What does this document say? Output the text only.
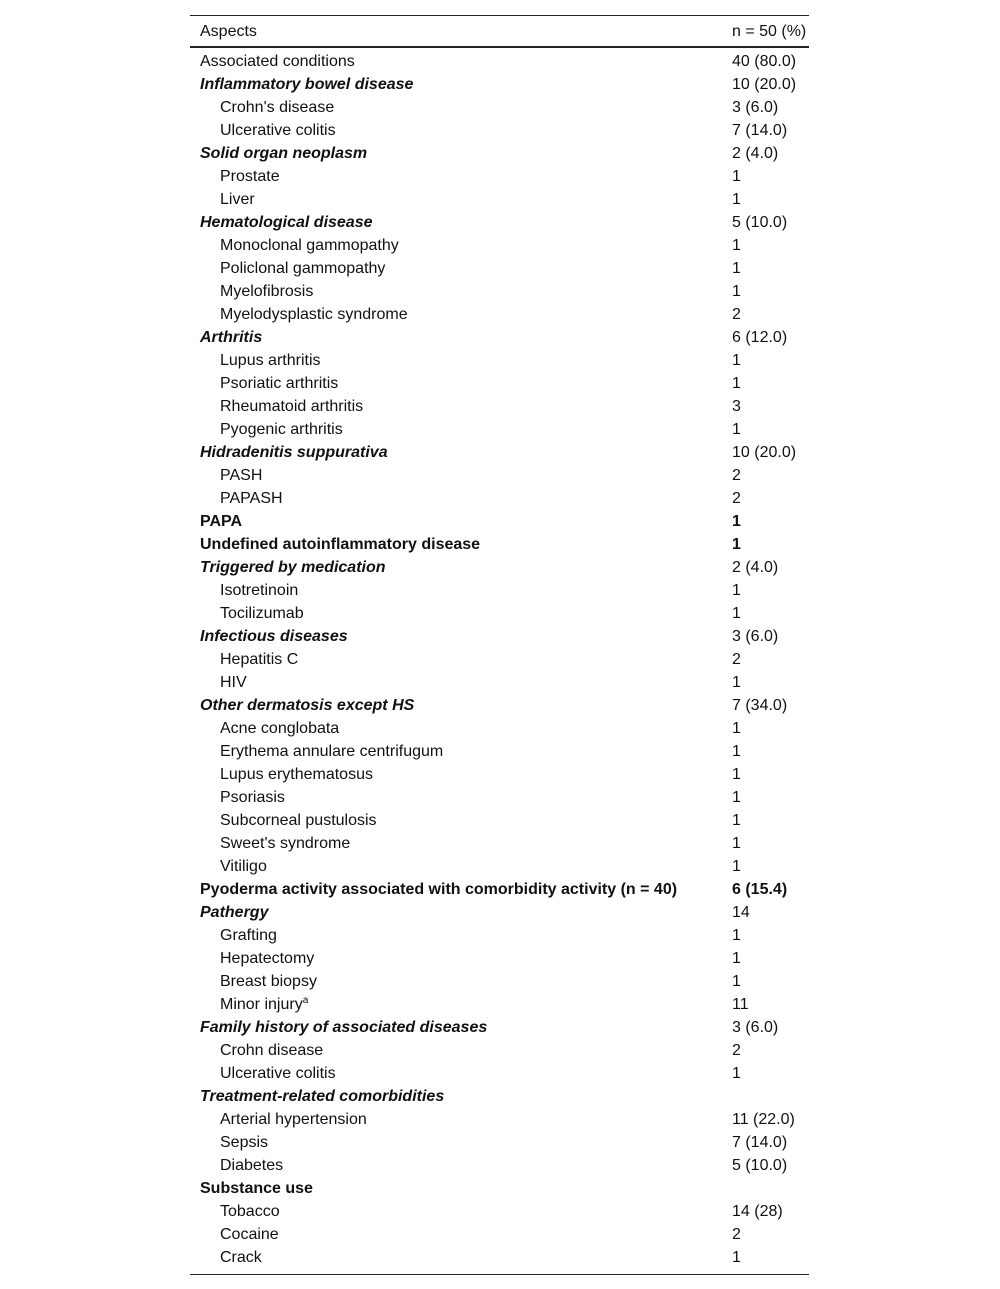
Aspects	n = 50 (%)
Associated conditions	40 (80.0)
Inflammatory bowel disease	10 (20.0)
Crohn's disease	3 (6.0)
Ulcerative colitis	7 (14.0)
Solid organ neoplasm	2 (4.0)
Prostate	1
Liver	1
Hematological disease	5 (10.0)
Monoclonal gammopathy	1
Policlonal gammopathy	1
Myelofibrosis	1
Myelodysplastic syndrome	2
Arthritis	6 (12.0)
Lupus arthritis	1
Psoriatic arthritis	1
Rheumatoid arthritis	3
Pyogenic arthritis	1
Hidradenitis suppurativa	10 (20.0)
PASH	2
PAPASH	2
PAPA	1
Undefined autoinflammatory disease	1
Triggered by medication	2 (4.0)
Isotretinoin	1
Tocilizumab	1
Infectious diseases	3 (6.0)
Hepatitis C	2
HIV	1
Other dermatosis except HS	7 (34.0)
Acne conglobata	1
Erythema annulare centrifugum	1
Lupus erythematosus	1
Psoriasis	1
Subcorneal pustulosis	1
Sweet's syndrome	1
Vitiligo	1
Pyoderma activity associated with comorbidity activity (n = 40)	6 (15.4)
Pathergy	14
Grafting	1
Hepatectomy	1
Breast biopsy	1
Minor injury$^a$	11
Family history of associated diseases	3 (6.0)
Crohn disease	2
Ulcerative colitis	1
Treatment-related comorbidities	
Arterial hypertension	11 (22.0)
Sepsis	7 (14.0)
Diabetes	5 (10.0)
Substance use	
Tobacco	14 (28)
Cocaine	2
Crack	1
